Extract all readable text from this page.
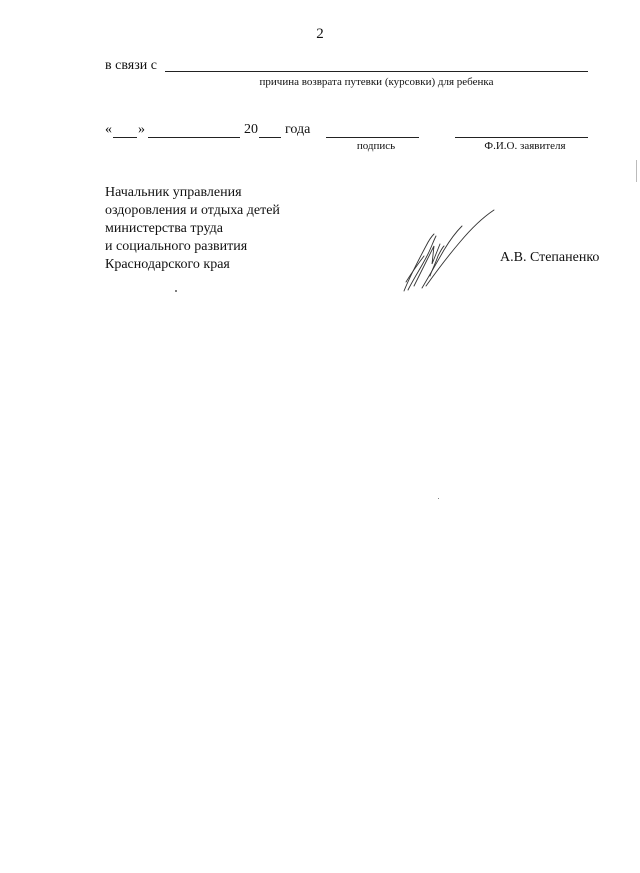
2
в связи с
причина возврата путевки (курсовки) для ребенка
« »	20 года
подпись	Ф.И.О. заявителя
Начальник управления
оздоровления и отдыха детей
министерства труда
и социального развития
Краснодарского края	А.В. Степаненко
